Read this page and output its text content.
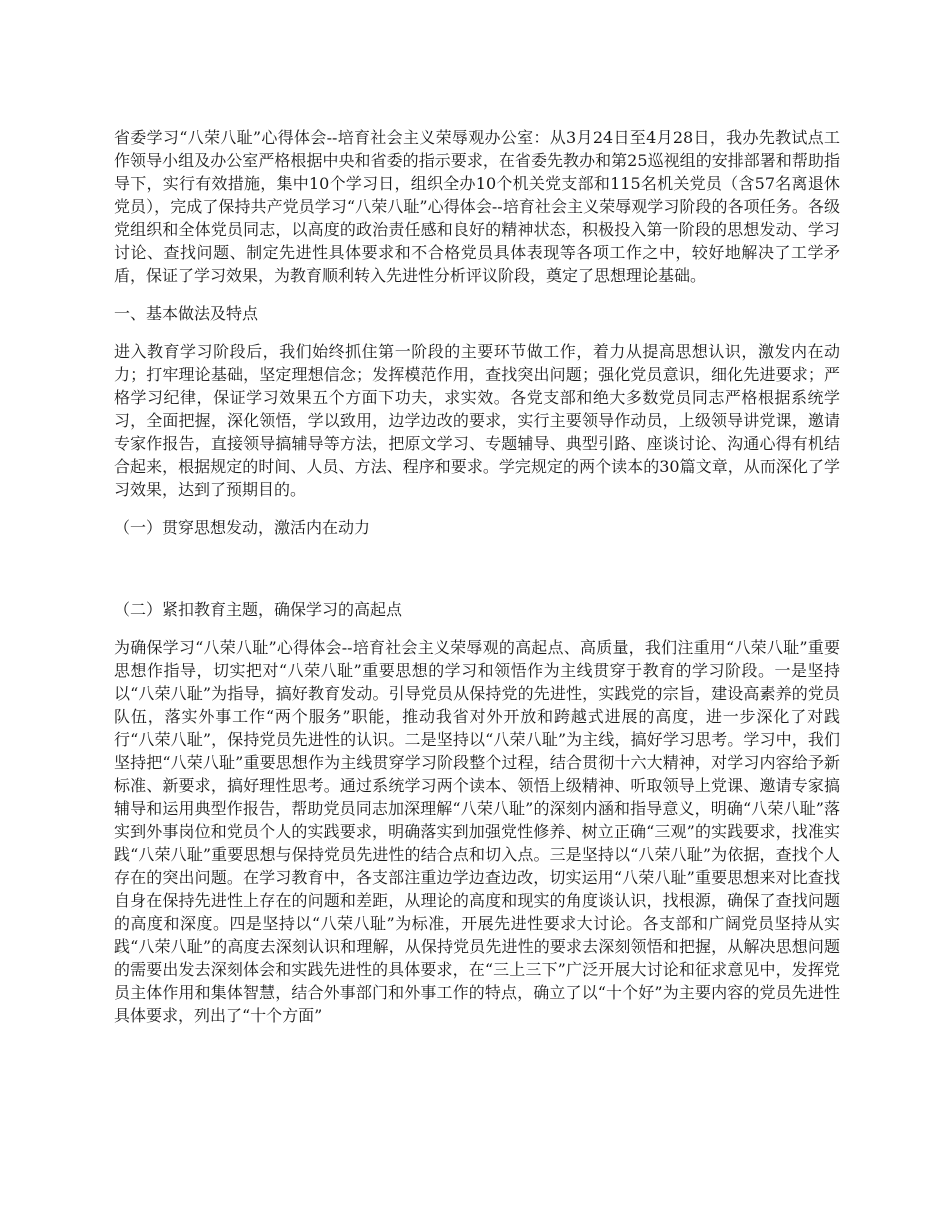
省委学习“八荣八耻”心得体会--培育社会主义荣辱观办公室：从3月24日至4月28日，我办先教试点工作领导小组及办公室严格根据中央和省委的指示要求，在省委先教办和第25巡视组的安排部署和帮助指导下，实行有效措施，集中10个学习日，组织全办10个机关党支部和115名机关党员（含57名离退休党员），完成了保持共产党员学习“八荣八耻”心得体会--培育社会主义荣辱观学习阶段的各项任务。各级党组织和全体党员同志，以高度的政治责任感和良好的精神状态，积极投入第一阶段的思想发动、学习讨论、查找问题、制定先进性具体要求和不合格党员具体表现等各项工作之中，较好地解决了工学矛盾，保证了学习效果，为教育顺利转入先进性分析评议阶段，奠定了思想理论基础。

一、基本做法及特点

进入教育学习阶段后，我们始终抓住第一阶段的主要环节做工作，着力从提高思想认识，激发内在动力；打牢理论基础，坚定理想信念；发挥模范作用，查找突出问题；强化党员意识，细化先进要求；严格学习纪律，保证学习效果五个方面下功夫，求实效。各党支部和绝大多数党员同志严格根据系统学习，全面把握，深化领悟，学以致用，边学边改的要求，实行主要领导作动员，上级领导讲党课，邀请专家作报告，直接领导搞辅导等方法，把原文学习、专题辅导、典型引路、座谈讨论、沟通心得有机结合起来，根据规定的时间、人员、方法、程序和要求。学完规定的两个读本的30篇文章，从而深化了学习效果，达到了预期目的。

（一）贯穿思想发动，激活内在动力

（二）紧扣教育主题，确保学习的高起点

为确保学习“八荣八耻”心得体会--培育社会主义荣辱观的高起点、高质量，我们注重用“八荣八耻”重要思想作指导，切实把对“八荣八耻”重要思想的学习和领悟作为主线贯穿于教育的学习阶段。一是坚持以“八荣八耻”为指导，搞好教育发动。引导党员从保持党的先进性，实践党的宗旨，建设高素养的党员队伍，落实外事工作“两个服务”职能，推动我省对外开放和跨越式进展的高度，进一步深化了对践行“八荣八耻”，保持党员先进性的认识。二是坚持以“八荣八耻”为主线，搞好学习思考。学习中，我们坚持把“八荣八耻”重要思想作为主线贯穿学习阶段整个过程，结合贯彻十六大精神，对学习内容给予新标准、新要求，搞好理性思考。通过系统学习两个读本、领悟上级精神、听取领导上党课、邀请专家搞辅导和运用典型作报告，帮助党员同志加深理解“八荣八耻”的深刻内涵和指导意义，明确“八荣八耻”落实到外事岗位和党员个人的实践要求，明确落实到加强党性修养、树立正确“三观”的实践要求，找准实践“八荣八耻”重要思想与保持党员先进性的结合点和切入点。三是坚持以“八荣八耻”为依据，查找个人存在的突出问题。在学习教育中，各支部注重边学边查边改，切实运用“八荣八耻”重要思想来对比查找自身在保持先进性上存在的问题和差距，从理论的高度和现实的角度谈认识，找根源，确保了查找问题的高度和深度。四是坚持以“八荣八耻”为标准，开展先进性要求大讨论。各支部和广阔党员坚持从实践“八荣八耻”的高度去深刻认识和理解，从保持党员先进性的要求去深刻领悟和把握，从解决思想问题的需要出发去深刻体会和实践先进性的具体要求，在“三上三下”广泛开展大讨论和征求意见中，发挥党员主体作用和集体智慧，结合外事部门和外事工作的特点，确立了以“十个好”为主要内容的党员先进性具体要求，列出了“十个方面”
